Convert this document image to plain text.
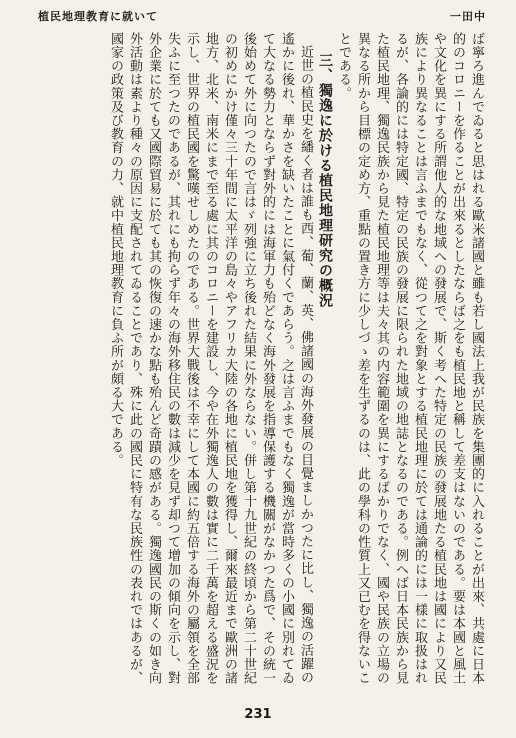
植民地理教育に就いて	一田中

ば寧ろ進んでゐると思はれる歐米諸國と雖も若し國法上我が民族を集團的に入れることが出來、共處に日本的のコロニーを作ることが出來るとしたならば之をも植民地と稱して差支はないのである。要は本國と風土や文化を異にする所謂他人的な地域への發展で、斯く考へた特定の民族の發展地たる植民地は國により又民族により異なることは言ふまでもなく、從つて之を對象とする植民地理に於ては通論的には一樣に取扱はれるが、各論的には特定國、特定の民族の發展に限られた地域の地誌となるのである。例へば日本民族から見た植民地理、獨逸民族から見た植民地理等は夫々其の内容範圍を異にするばかりでなく、國や民族の立場の異なる所から目標の定め方、重點の置き方に少しづゝ差を生ずるのは、此の學科の性質上又已むを得ないことである。

三、獨逸に於ける植民地理研究の概況

近世の植民史を繙く者は誰も西、葡、蘭、英、佛諸國の海外發展の目覺ましかつたに比し、獨逸の活躍の遙かに後れ、華かさを缺いたことに氣付くであらう。之は言ふまでもなく獨逸が當時多くの小國に別れてゐて大なる勢力とならず對外的には海軍力も殆どなく海外發展を指導保護する機關がなかつた爲で、その統一後始めて外に向つたので言はゞ列強に立ち後れた結果に外ならない。併し第十九世紀の終頃から第二十世紀の初めにかけ僅々三十年間に太平洋の島々やアフリカ大陸の各地に植民地を獲得し、爾來最近まで歐洲の諸地方、北米、南米にまで至る處に其のコロニーを建設し、今や在外獨逸人の數は實に二千萬を超える盛況を示し、世界の植民國を驚嘆せしめたのである。世界大戰後は不幸にして本國に約五倍する海外の屬領を全部失ふに至つたのであるが、其れにも拘らず年々の海外移住民の數は減少を見ず却つて增加の傾向を示し、對外企業に於ても又國際貿易に於ても其の恢復の速かな點も殆んど奇蹟の感がある。獨逸國民の斯くの如き向外活動は素より種々の原因に支配されてゐることであり、殊に此の國民に特有な民族性の表れではあるが、國家の政策及び教育の力、就中植民地理教育に負ふ所が頗る大である。

231
